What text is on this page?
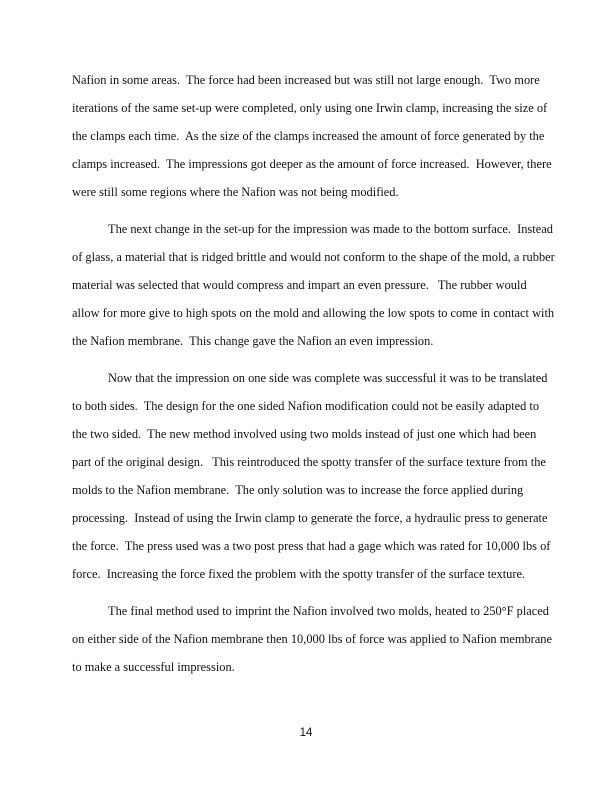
Nafion in some areas.  The force had been increased but was still not large enough.  Two more
iterations of the same set-up were completed, only using one Irwin clamp, increasing the size of
the clamps each time.  As the size of the clamps increased the amount of force generated by the
clamps increased.  The impressions got deeper as the amount of force increased.  However, there
were still some regions where the Nafion was not being modified.

The next change in the set-up for the impression was made to the bottom surface.  Instead
of glass, a material that is ridged brittle and would not conform to the shape of the mold, a rubber
material was selected that would compress and impart an even pressure.   The rubber would
allow for more give to high spots on the mold and allowing the low spots to come in contact with
the Nafion membrane.  This change gave the Nafion an even impression.

Now that the impression on one side was complete was successful it was to be translated
to both sides.  The design for the one sided Nafion modification could not be easily adapted to
the two sided.  The new method involved using two molds instead of just one which had been
part of the original design.   This reintroduced the spotty transfer of the surface texture from the
molds to the Nafion membrane.  The only solution was to increase the force applied during
processing.  Instead of using the Irwin clamp to generate the force, a hydraulic press to generate
the force.  The press used was a two post press that had a gage which was rated for 10,000 lbs of
force.  Increasing the force fixed the problem with the spotty transfer of the surface texture.

The final method used to imprint the Nafion involved two molds, heated to 250°F placed
on either side of the Nafion membrane then 10,000 lbs of force was applied to Nafion membrane
to make a successful impression.

14
